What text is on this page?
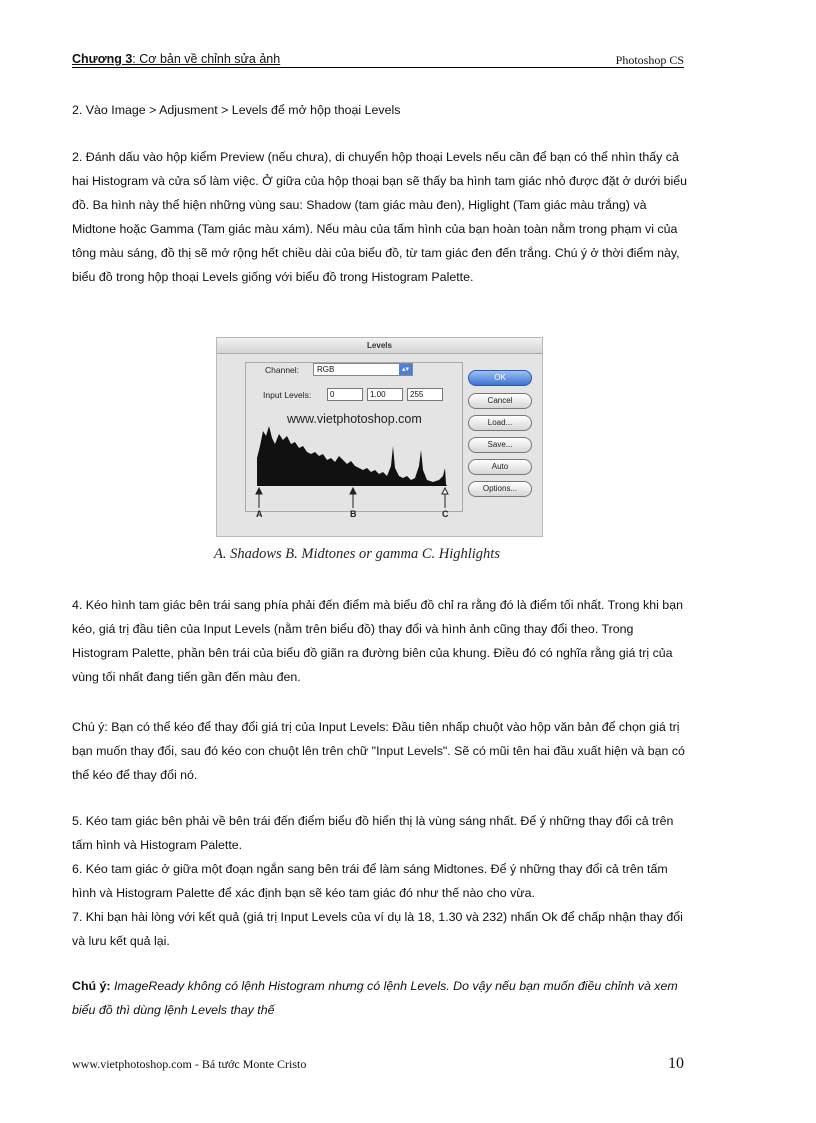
Chương 3: Cơ bản về chỉnh sửa ảnh	Photoshop CS

2. Vào Image > Adjusment > Levels để mở hộp thoại Levels

2. Đánh dấu vào hộp kiểm Preview (nếu chưa), di chuyển hộp thoại Levels nếu cần để bạn có thể nhìn thấy cả hai Histogram và cửa sổ làm việc. Ở giữa của hộp thoại bạn sẽ thấy ba hình tam giác nhỏ được đặt ở dưới biểu đồ. Ba hình này thể hiện những vùng sau: Shadow (tam giác màu đen), Higlight (Tam giác màu trắng) và Midtone hoặc Gamma (Tam giác màu xám). Nếu màu của tấm hình của bạn hoàn toàn nằm trong phạm vi của tông màu sáng, đồ thị sẽ mở rộng hết chiều dài của biểu đồ, từ tam giác đen đến trắng. Chú ý ở thời điểm này, biểu đồ trong hộp thoại Levels giống với biểu đồ trong Histogram Palette.

Levels
Channel:	RGB	▴▾
Input Levels:	0	1.00	255
www.vietphotoshop.com
OK
Cancel
Load...
Save...
Auto
Options...
A	B	C
A. Shadows B. Midtones or gamma C. Highlights

4. Kéo hình tam giác bên trái sang phía phải đến điểm mà biểu đồ chỉ ra rằng đó là điểm tối nhất. Trong khi bạn kéo, giá trị đầu tiên của Input Levels (nằm trên biểu đồ) thay đổi và hình ảnh cũng thay đổi theo. Trong Histogram Palette, phần bên trái của biểu đồ giãn ra đường biên của khung. Điều đó có nghĩa rằng giá trị của vùng tối nhất đang tiến gần đến màu đen.

Chú ý: Bạn có thể kéo để thay đổi giá trị của Input Levels: Đầu tiên nhấp chuột vào hộp văn bản để chọn giá trị bạn muốn thay đổi, sau đó kéo con chuột lên trên chữ "Input Levels". Sẽ có mũi tên hai đầu xuất hiện và bạn có thể kéo để thay đổi nó.

5. Kéo tam giác bên phải về bên trái đến điểm biểu đồ hiển thị là vùng sáng nhất. Để ý những thay đổi cả trên tấm hình và Histogram Palette.

6. Kéo tam giác ở giữa một đoạn ngắn sang bên trái để làm sáng Midtones. Để ý những thay đổi cả trên tấm hình và Histogram Palette để xác định bạn sẽ kéo tam giác đó như thế nào cho vừa.

7. Khi bạn hài lòng với kết quả (giá trị Input Levels của ví dụ là 18, 1.30 và 232) nhấn Ok để chấp nhận thay đổi và lưu kết quả lại.

Chú ý: ImageReady không có lệnh Histogram nhưng có lệnh Levels. Do vậy nếu bạn muốn điều chỉnh và xem biểu đồ thì dùng lệnh Levels thay thế
www.vietphotoshop.com - Bá tước Monte Cristo	10
